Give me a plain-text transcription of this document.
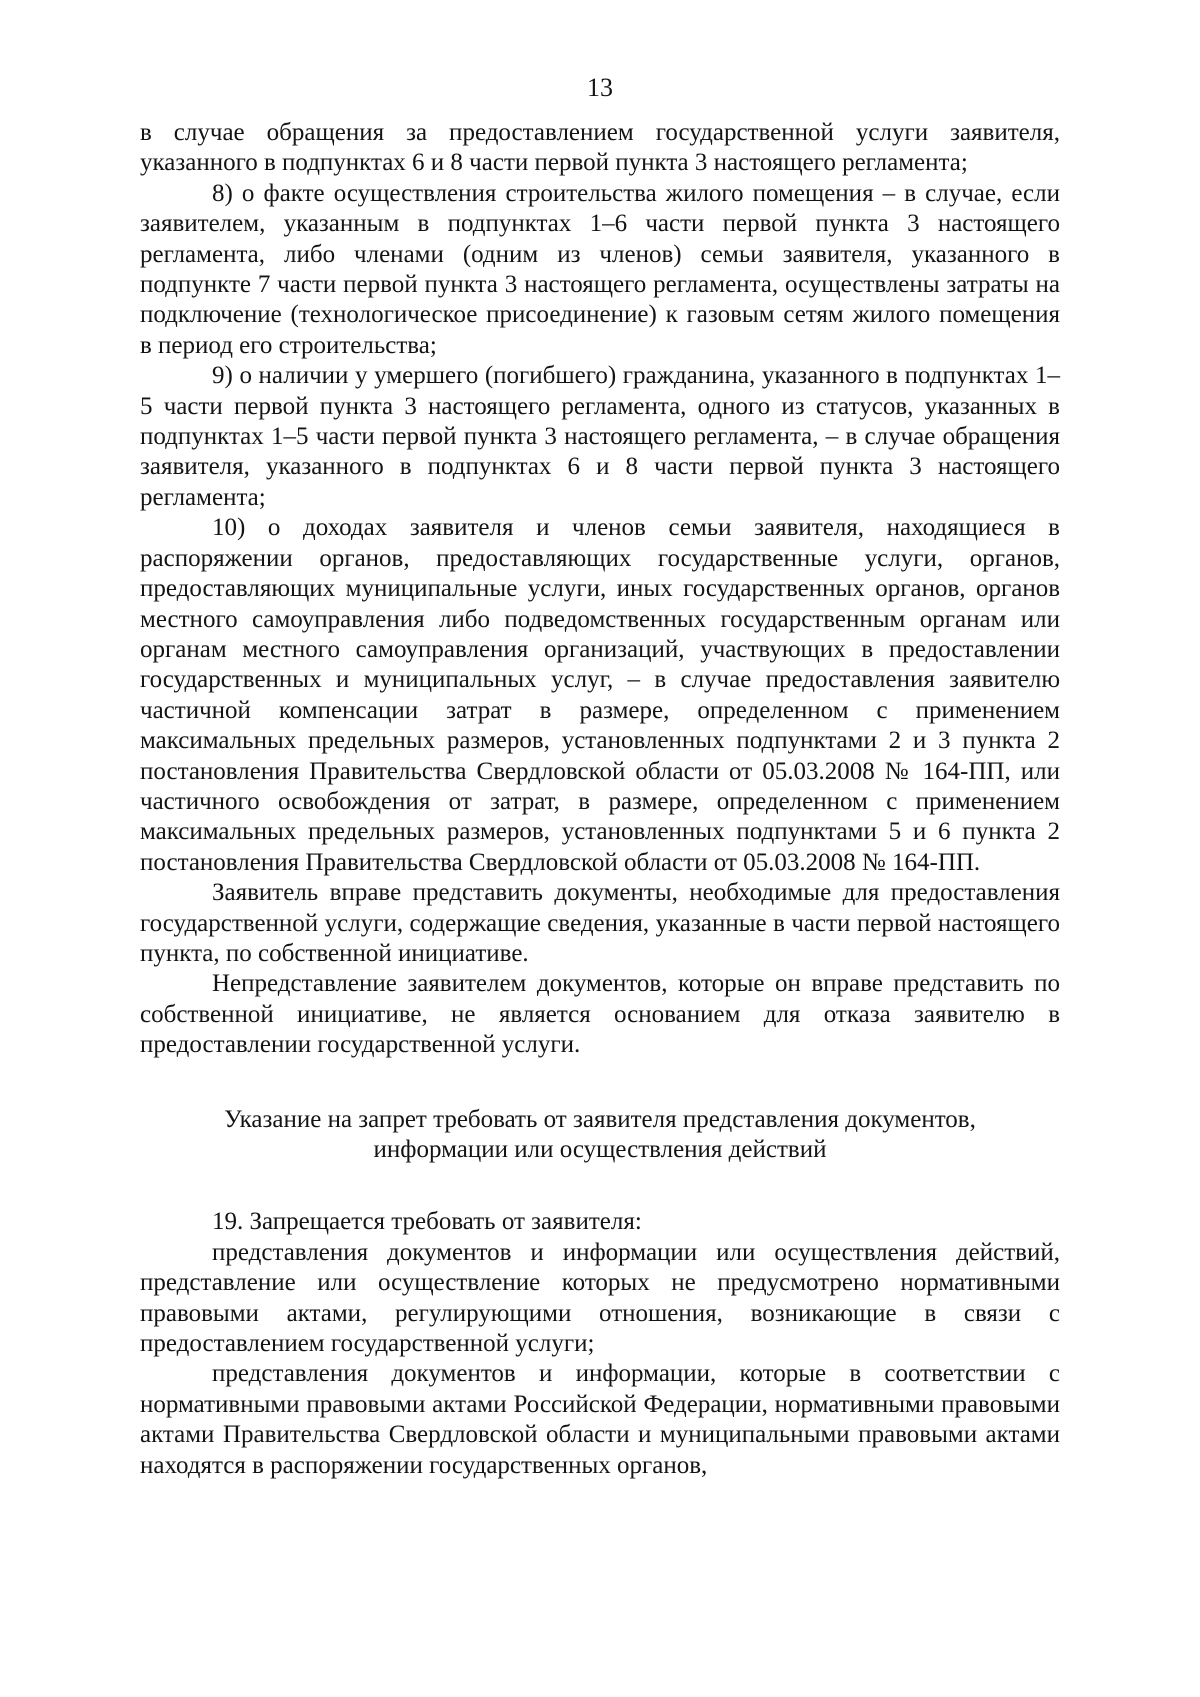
13

в случае обращения за предоставлением государственной услуги заявителя, указанного в подпунктах 6 и 8 части первой пункта 3 настоящего регламента;

8) о факте осуществления строительства жилого помещения – в случае, если заявителем, указанным в подпунктах 1–6 части первой пункта 3 настоящего регламента, либо членами (одним из членов) семьи заявителя, указанного в подпункте 7 части первой пункта 3 настоящего регламента, осуществлены затраты на подключение (технологическое присоединение) к газовым сетям жилого помещения в период его строительства;

9) о наличии у умершего (погибшего) гражданина, указанного в подпунктах 1–5 части первой пункта 3 настоящего регламента, одного из статусов, указанных в подпунктах 1–5 части первой пункта 3 настоящего регламента, – в случае обращения заявителя, указанного в подпунктах 6 и 8 части первой пункта 3 настоящего регламента;

10) о доходах заявителя и членов семьи заявителя, находящиеся в распоряжении органов, предоставляющих государственные услуги, органов, предоставляющих муниципальные услуги, иных государственных органов, органов местного самоуправления либо подведомственных государственным органам или органам местного самоуправления организаций, участвующих в предоставлении государственных и муниципальных услуг, – в случае предоставления заявителю частичной компенсации затрат в размере, определенном с применением максимальных предельных размеров, установленных подпунктами 2 и 3 пункта 2 постановления Правительства Свердловской области от 05.03.2008 № 164-ПП, или частичного освобождения от затрат, в размере, определенном с применением максимальных предельных размеров, установленных подпунктами 5 и 6 пункта 2 постановления Правительства Свердловской области от 05.03.2008 № 164-ПП.

Заявитель вправе представить документы, необходимые для предоставления государственной услуги, содержащие сведения, указанные в части первой настоящего пункта, по собственной инициативе.

Непредставление заявителем документов, которые он вправе представить по собственной инициативе, не является основанием для отказа заявителю в предоставлении государственной услуги.

Указание на запрет требовать от заявителя представления документов,
информации или осуществления действий

19. Запрещается требовать от заявителя:

представления документов и информации или осуществления действий, представление или осуществление которых не предусмотрено нормативными правовыми актами, регулирующими отношения, возникающие в связи с предоставлением государственной услуги;

представления документов и информации, которые в соответствии с нормативными правовыми актами Российской Федерации, нормативными правовыми актами Правительства Свердловской области и муниципальными правовыми актами находятся в распоряжении государственных органов,
